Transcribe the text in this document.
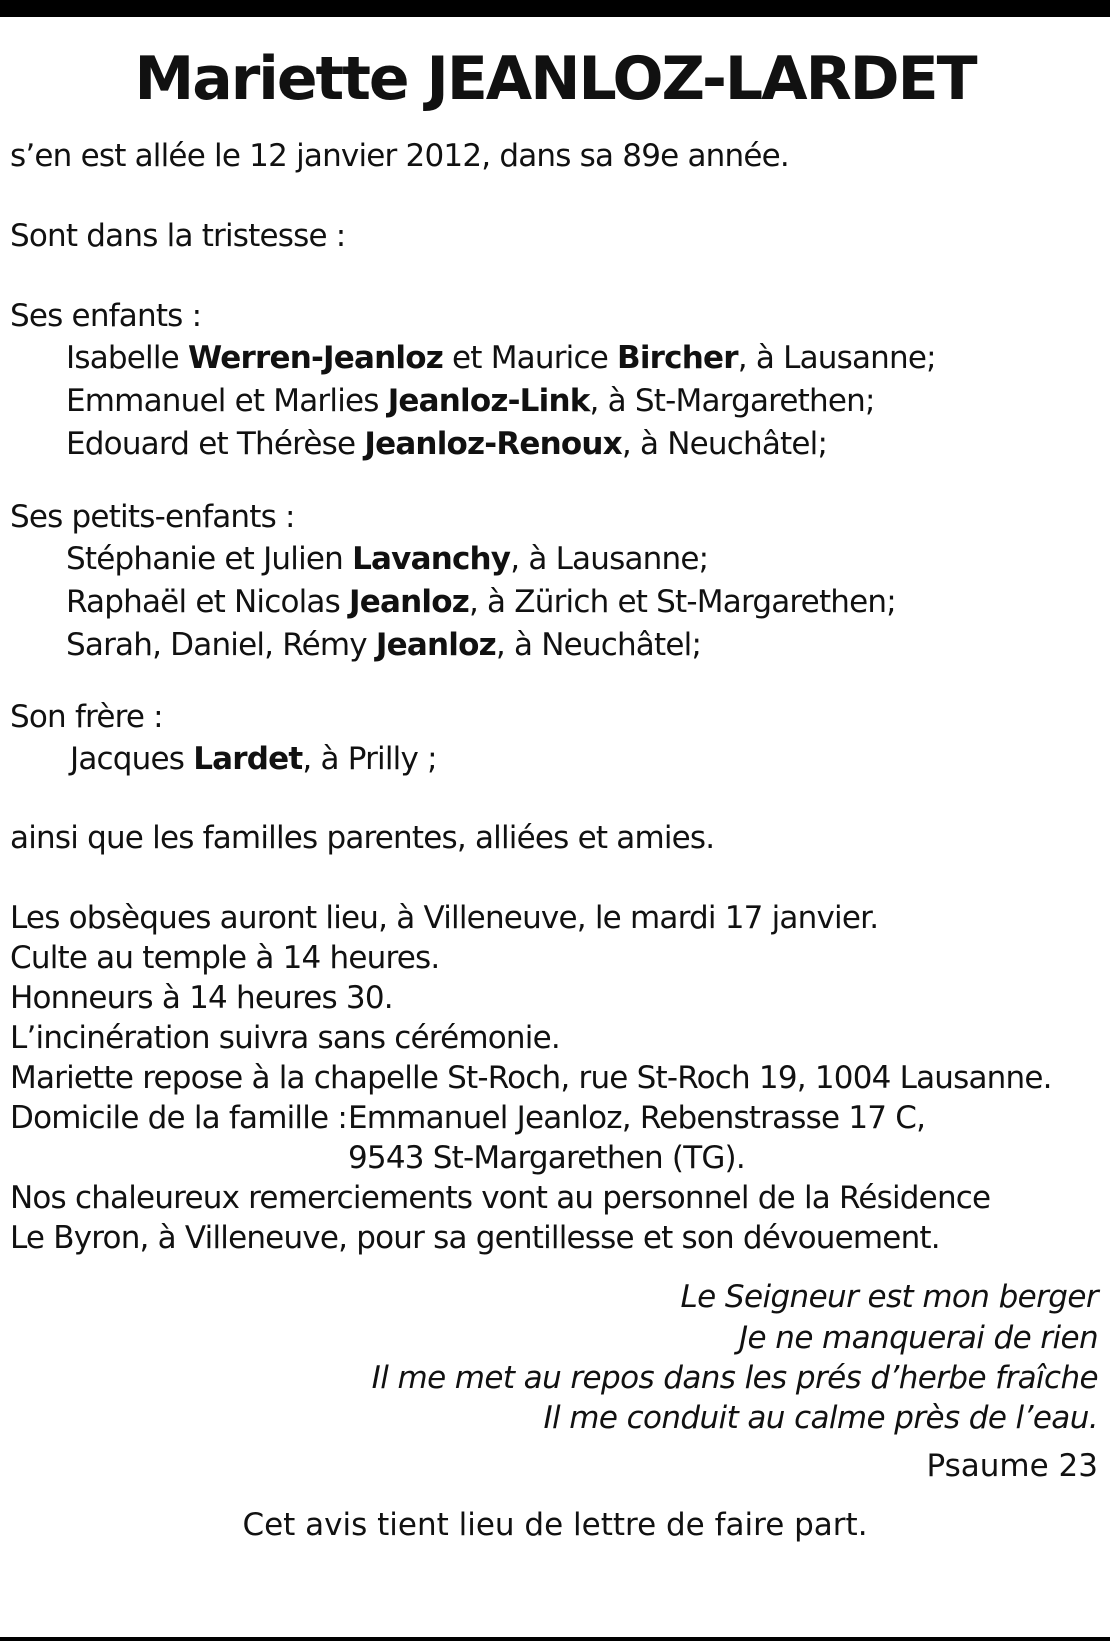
Mariette JEANLOZ-LARDET
s’en est allée le 12 janvier 2012, dans sa 89e année.
Sont dans la tristesse :
Ses enfants :
Isabelle Werren-Jeanloz et Maurice Bircher, à Lausanne;
Emmanuel et Marlies Jeanloz-Link, à St-Margarethen;
Edouard et Thérèse Jeanloz-Renoux, à Neuchâtel;
Ses petits-enfants :
Stéphanie et Julien Lavanchy, à Lausanne;
Raphaël et Nicolas Jeanloz, à Zürich et St-Margarethen;
Sarah, Daniel, Rémy Jeanloz, à Neuchâtel;
Son frère :
Jacques Lardet, à Prilly ;
ainsi que les familles parentes, alliées et amies.
Les obsèques auront lieu, à Villeneuve, le mardi 17 janvier.
Culte au temple à 14 heures.
Honneurs à 14 heures 30.
L’incinération suivra sans cérémonie.
Mariette repose à la chapelle St-Roch, rue St-Roch 19, 1004 Lausanne.
Domicile de la famille : Emmanuel Jeanloz, Rebenstrasse 17 C,
9543 St-Margarethen (TG).
Nos chaleureux remerciements vont au personnel de la Résidence
Le Byron, à Villeneuve, pour sa gentillesse et son dévouement.
Le Seigneur est mon berger
Je ne manquerai de rien
Il me met au repos dans les prés d’herbe fraîche
Il me conduit au calme près de l’eau.
Psaume 23
Cet avis tient lieu de lettre de faire part.
